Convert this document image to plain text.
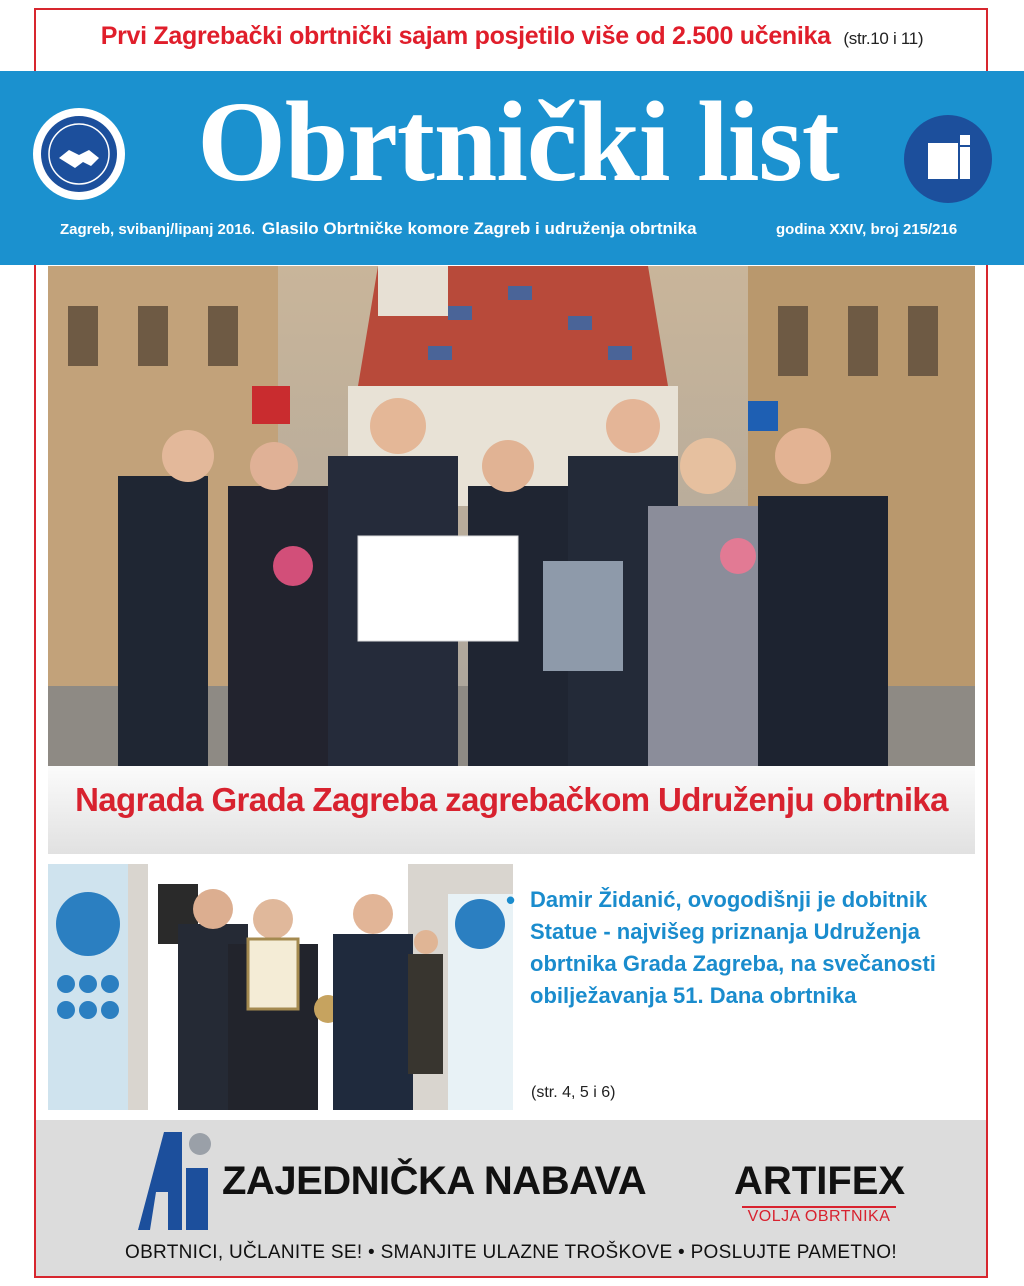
Prvi Zagrebački obrtnički sajam posjetilo više od 2.500 učenika (str.10 i 11)
Obrtnički list
Zagreb, svibanj/lipanj 2016. Glasilo Obrtničke komore Zagreb i udruženja obrtnika	godina XXIV, broj 215/216
Nagrada Grada Zagreba zagrebačkom Udruženju obrtnika
• Damir Židanić, ovogodišnji je dobitnik Statue - najvišeg priznanja Udruženja obrtnika Grada Zagreba, na svečanosti obilježavanja 51. Dana obrtnika
(str. 4, 5 i 6)
ZAJEDNIČKA NABAVA ARTIFEX
VOLJA OBRTNIKA
OBRTNICI, UČLANITE SE! • SMANJITE ULAZNE TROŠKOVE • POSLUJTE PAMETNO!
